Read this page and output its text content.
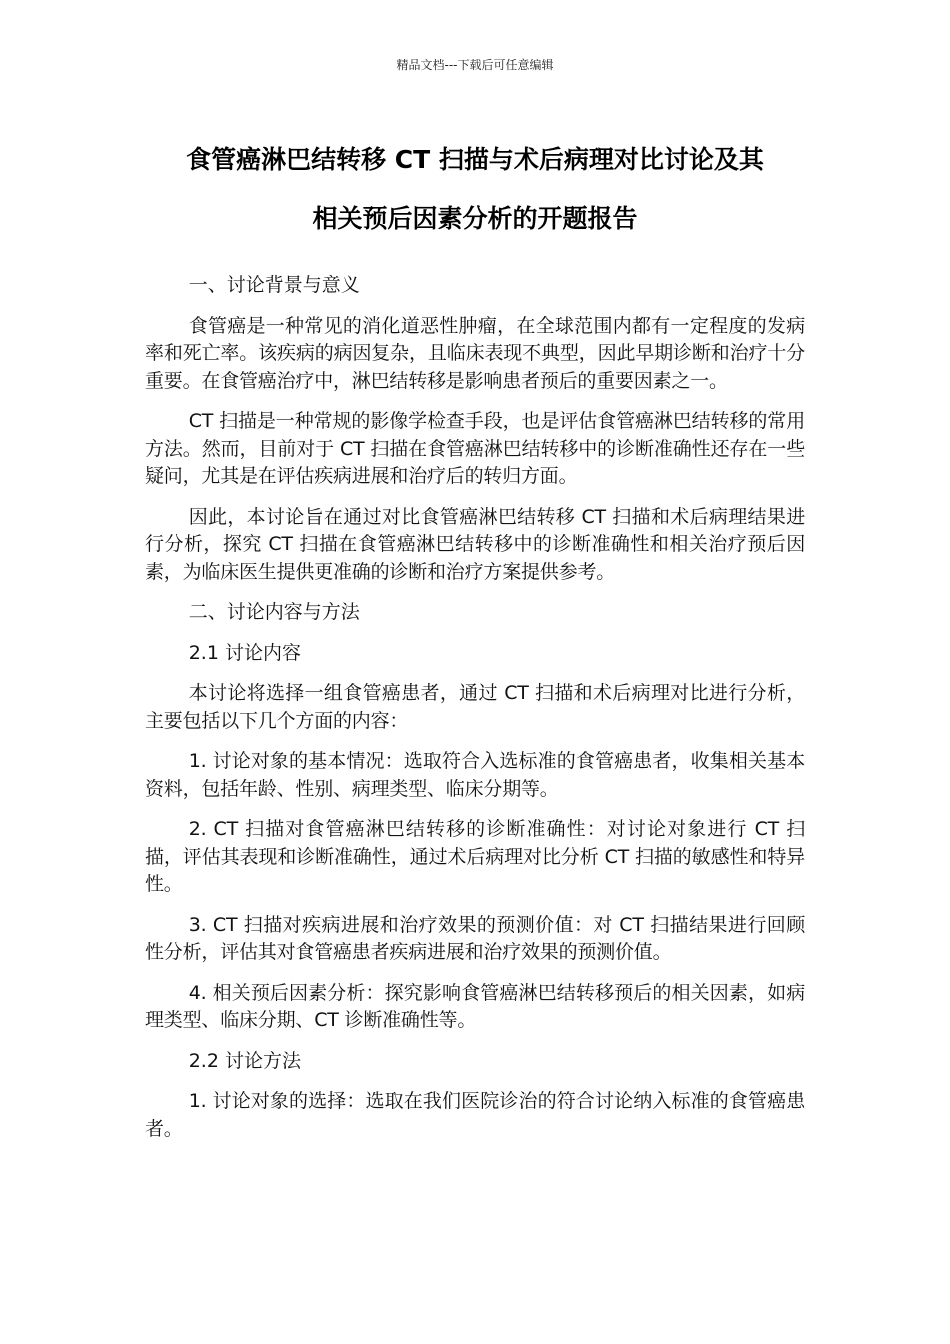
精品文档---下载后可任意编辑
食管癌淋巴结转移 CT 扫描与术后病理对比讨论及其
相关预后因素分析的开题报告

一、讨论背景与意义

食管癌是一种常见的消化道恶性肿瘤，在全球范围内都有一定程度的发病率和死亡率。该疾病的病因复杂，且临床表现不典型，因此早期诊断和治疗十分重要。在食管癌治疗中，淋巴结转移是影响患者预后的重要因素之一。

CT 扫描是一种常规的影像学检查手段，也是评估食管癌淋巴结转移的常用方法。然而，目前对于 CT 扫描在食管癌淋巴结转移中的诊断准确性还存在一些疑问，尤其是在评估疾病进展和治疗后的转归方面。

因此，本讨论旨在通过对比食管癌淋巴结转移 CT 扫描和术后病理结果进行分析，探究 CT 扫描在食管癌淋巴结转移中的诊断准确性和相关治疗预后因素，为临床医生提供更准确的诊断和治疗方案提供参考。

二、讨论内容与方法

2.1 讨论内容

本讨论将选择一组食管癌患者，通过 CT 扫描和术后病理对比进行分析，主要包括以下几个方面的内容：

1. 讨论对象的基本情况：选取符合入选标准的食管癌患者，收集相关基本资料，包括年龄、性别、病理类型、临床分期等。

2. CT 扫描对食管癌淋巴结转移的诊断准确性：对讨论对象进行 CT 扫描，评估其表现和诊断准确性，通过术后病理对比分析 CT 扫描的敏感性和特异性。

3. CT 扫描对疾病进展和治疗效果的预测价值：对 CT 扫描结果进行回顾性分析，评估其对食管癌患者疾病进展和治疗效果的预测价值。

4. 相关预后因素分析：探究影响食管癌淋巴结转移预后的相关因素，如病理类型、临床分期、CT 诊断准确性等。

2.2 讨论方法

1. 讨论对象的选择：选取在我们医院诊治的符合讨论纳入标准的食管癌患者。
